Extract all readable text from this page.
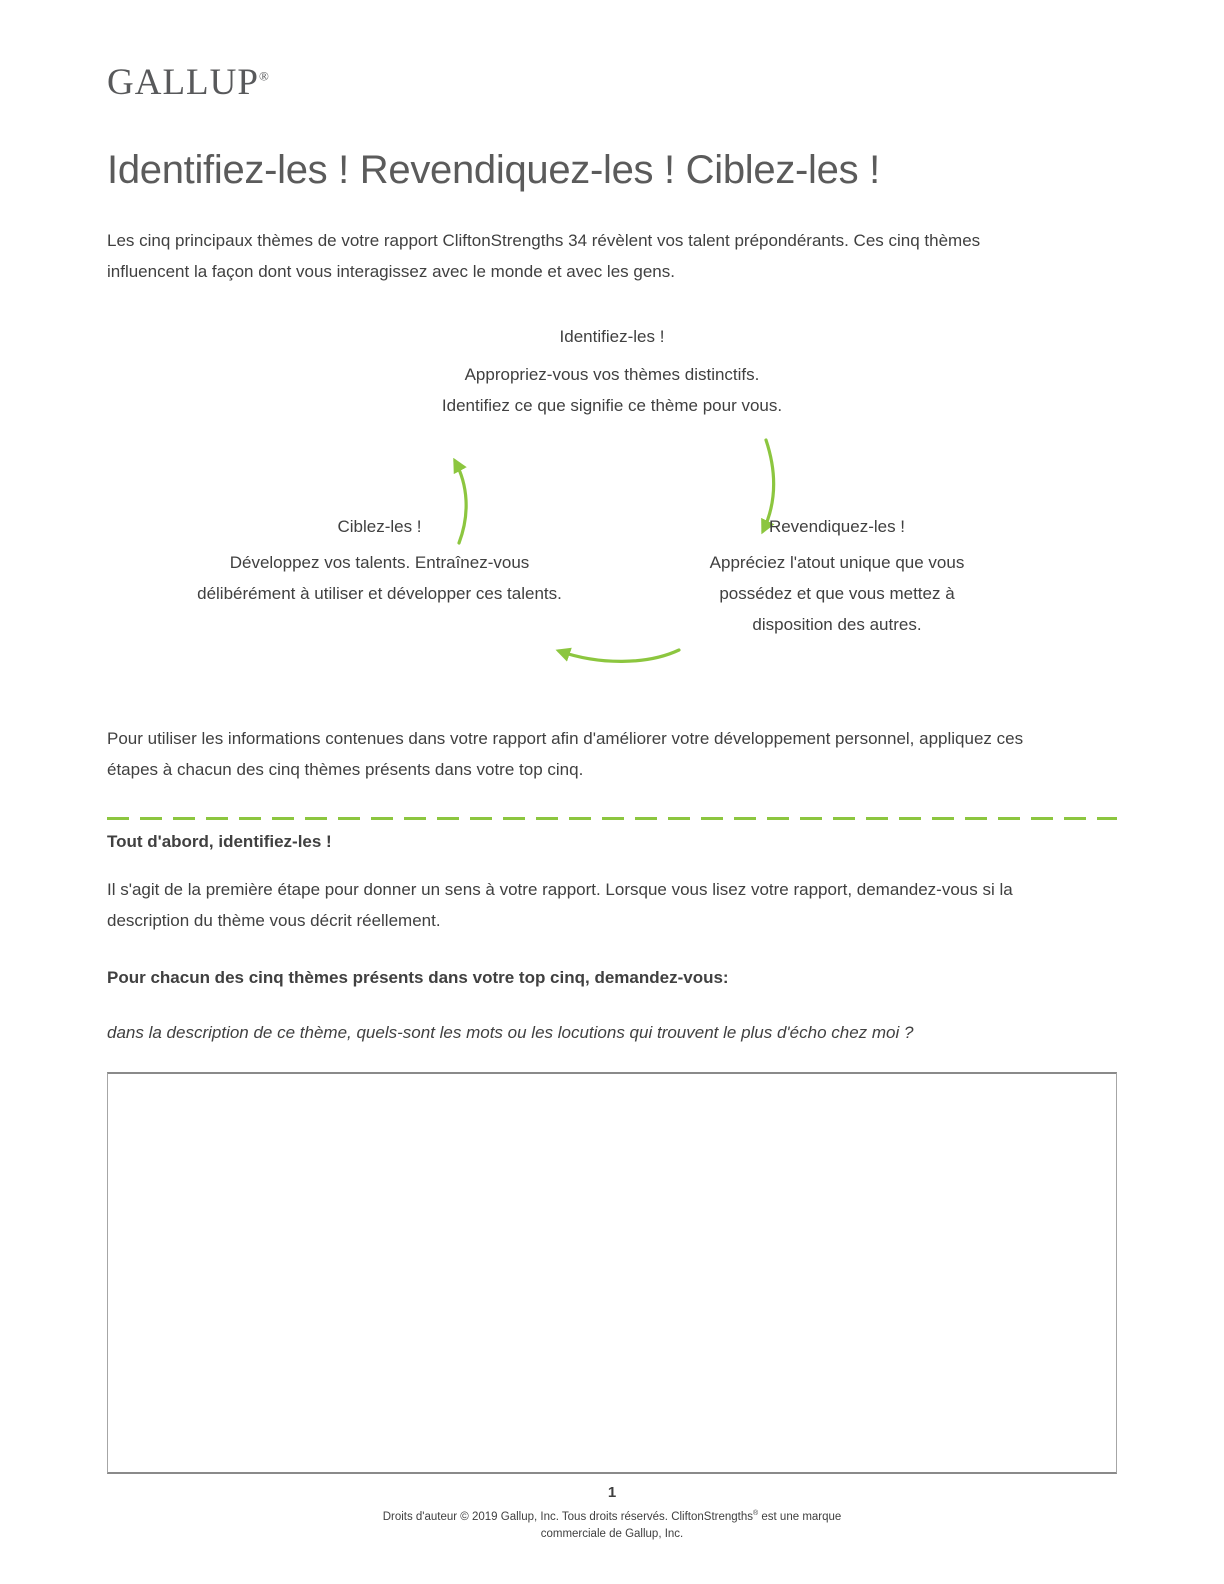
GALLUP®
Identifiez-les ! Revendiquez-les ! Ciblez-les !

Les cinq principaux thèmes de votre rapport CliftonStrengths 34 révèlent vos talent prépondérants. Ces cinq thèmes influencent la façon dont vous interagissez avec le monde et avec les gens.

Identifiez-les !
Appropriez-vous vos thèmes distinctifs. Identifiez ce que signifie ce thème pour vous.
Ciblez-les !
Développez vos talents. Entraînez-vous délibérément à utiliser et développer ces talents.
Revendiquez-les !
Appréciez l'atout unique que vous possédez et que vous mettez à disposition des autres.

Pour utiliser les informations contenues dans votre rapport afin d'améliorer votre développement personnel, appliquez ces étapes à chacun des cinq thèmes présents dans votre top cinq.

Tout d'abord, identifiez-les !

Il s'agit de la première étape pour donner un sens à votre rapport. Lorsque vous lisez votre rapport, demandez-vous si la description du thème vous décrit réellement.

Pour chacun des cinq thèmes présents dans votre top cinq, demandez-vous:

dans la description de ce thème, quels-sont les mots ou les locutions qui trouvent le plus d'écho chez moi ?

1
Droits d'auteur © 2019 Gallup, Inc. Tous droits réservés. CliftonStrengths® est une marque commerciale de Gallup, Inc.
